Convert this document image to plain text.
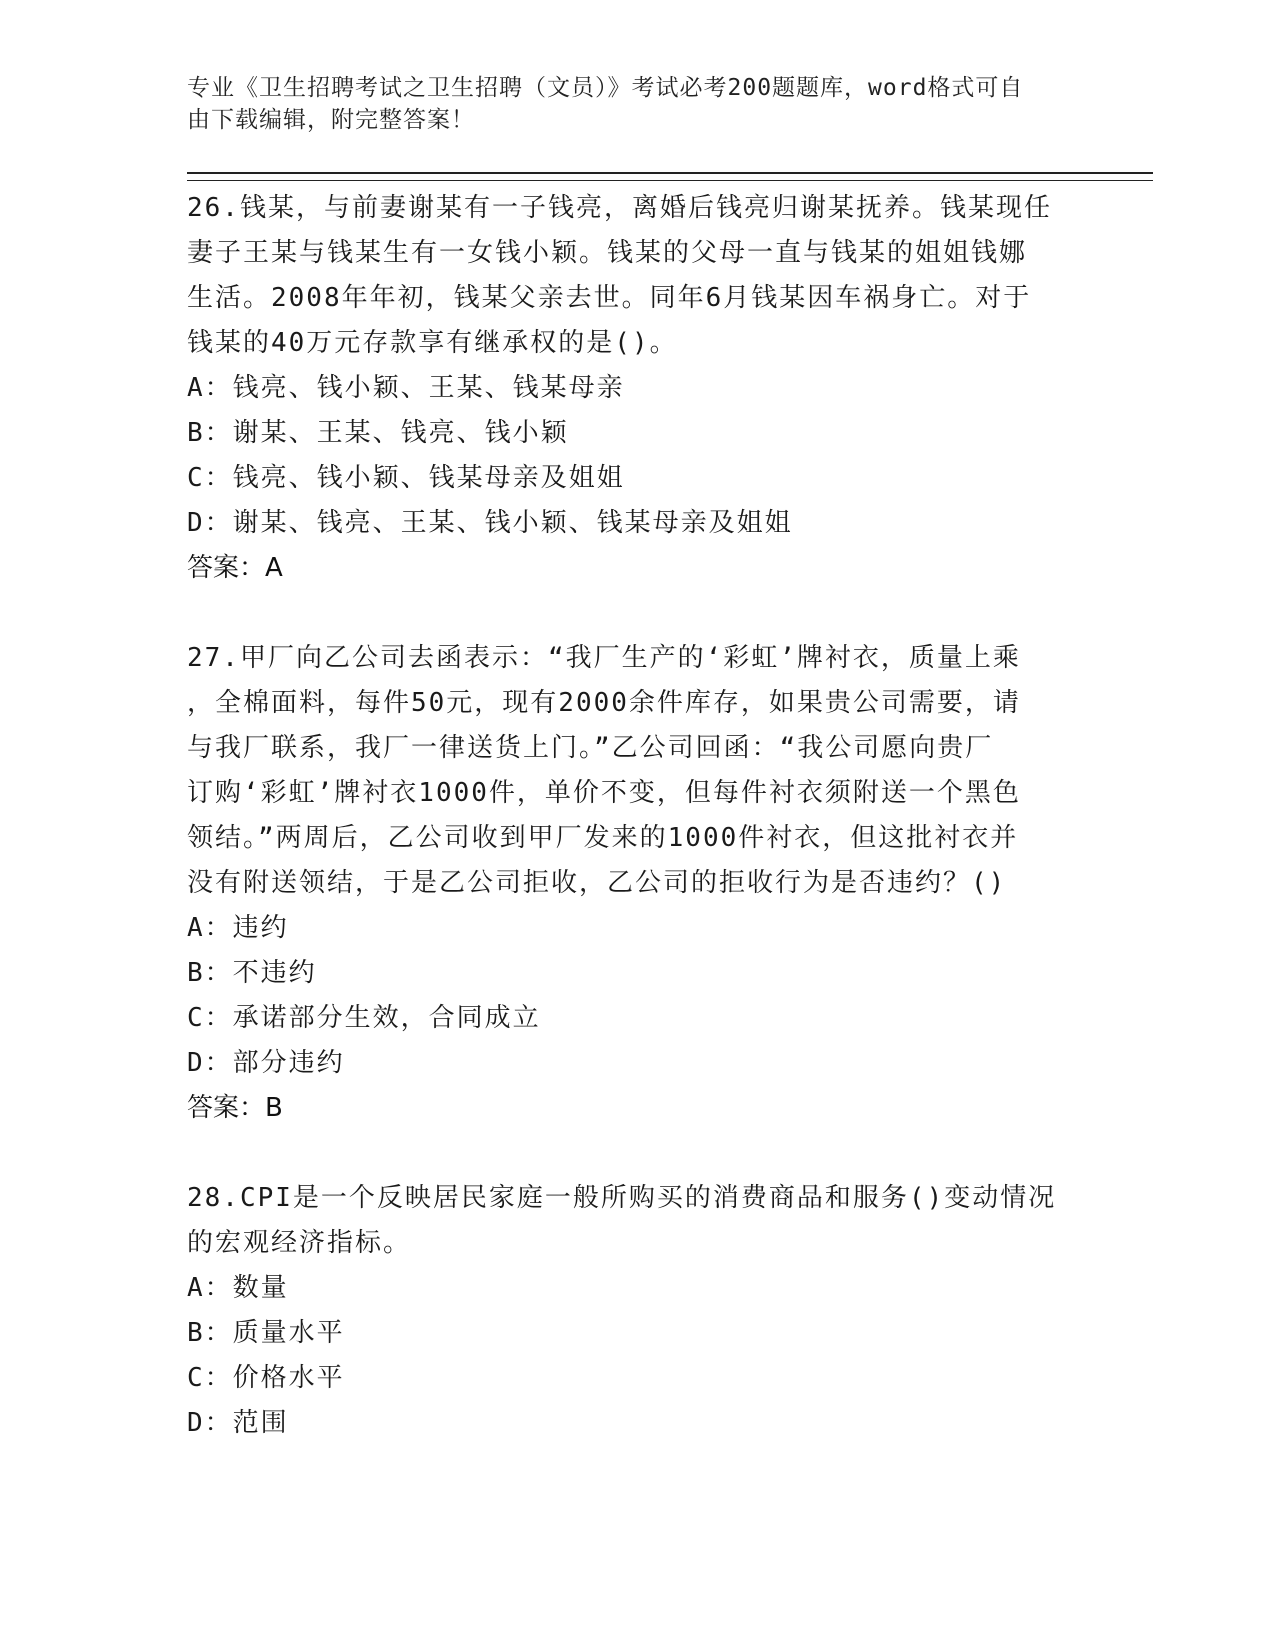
专业《卫生招聘考试之卫生招聘（文员）》考试必考200题题库，word格式可自
由下载编辑，附完整答案！
26.钱某，与前妻谢某有一子钱亮，离婚后钱亮归谢某抚养。钱某现任
妻子王某与钱某生有一女钱小颖。钱某的父母一直与钱某的姐姐钱娜
生活。2008年年初，钱某父亲去世。同年6月钱某因车祸身亡。对于
钱某的40万元存款享有继承权的是()。
A：钱亮、钱小颖、王某、钱某母亲
B：谢某、王某、钱亮、钱小颖
C：钱亮、钱小颖、钱某母亲及姐姐
D：谢某、钱亮、王某、钱小颖、钱某母亲及姐姐
答案：A
27.甲厂向乙公司去函表示：“我厂生产的‘彩虹’牌衬衣，质量上乘
，全棉面料，每件50元，现有2000余件库存，如果贵公司需要，请
与我厂联系，我厂一律送货上门。”乙公司回函：“我公司愿向贵厂
订购‘彩虹’牌衬衣1000件，单价不变，但每件衬衣须附送一个黑色
领结。”两周后，乙公司收到甲厂发来的1000件衬衣，但这批衬衣并
没有附送领结，于是乙公司拒收，乙公司的拒收行为是否违约？()
A：违约
B：不违约
C：承诺部分生效，合同成立
D：部分违约
答案：B
28.CPI是一个反映居民家庭一般所购买的消费商品和服务()变动情况
的宏观经济指标。
A：数量
B：质量水平
C：价格水平
D：范围
